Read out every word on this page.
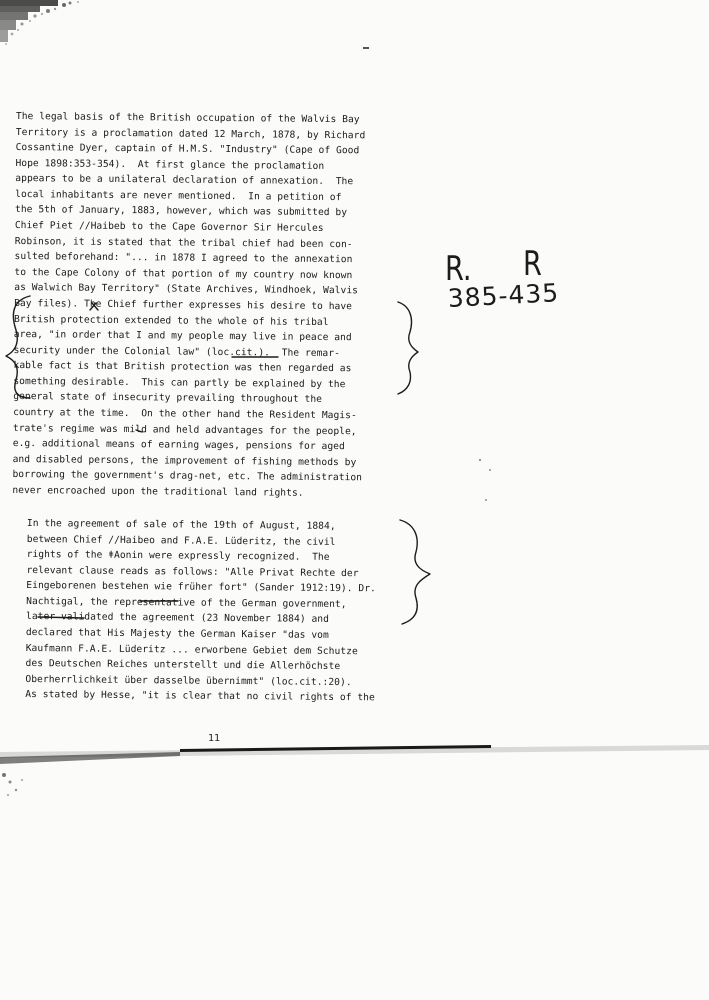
The legal basis of the British occupation of the Walvis Bay
Territory is a proclamation dated 12 March, 1878, by Richard
Cossantine Dyer, captain of H.M.S. "Industry" (Cape of Good
Hope 1898:353-354).  At first glance the proclamation
appears to be a unilateral declaration of annexation.  The
local inhabitants are never mentioned.  In a petition of
the 5th of January, 1883, however, which was submitted by
Chief Piet //Haibeb to the Cape Governor Sir Hercules
Robinson, it is stated that the tribal chief had been con-
sulted beforehand: "... in 1878 I agreed to the annexation
to the Cape Colony of that portion of my country now known
as Walwich Bay Territory" (State Archives, Windhoek, Walvis
Bay files). The Chief further expresses his desire to have
British protection extended to the whole of his tribal
area, "in order that I and my people may live in peace and
security under the Colonial law" (loc.cit.).  The remar-
kable fact is that British protection was then regarded as
something desirable.  This can partly be explained by the
general state of insecurity prevailing throughout the
country at the time.  On the other hand the Resident Magis-
trate's regime was mild and held advantages for the people,
e.g. additional means of earning wages, pensions for aged
and disabled persons, the improvement of fishing methods by
borrowing the government's drag-net, etc. The administration
never encroached upon the traditional land rights.
In the agreement of sale of the 19th of August, 1884,
between Chief //Haibeo and F.A.E. Lüderitz, the civil
rights of the ǂAonin were expressly recognized.  The
relevant clause reads as follows: "Alle Privat Rechte der
Eingeborenen bestehen wie früher fort" (Sander 1912:19). Dr.
Nachtigal, the representative of the German government,
later validated the agreement (23 November 1884) and
declared that His Majesty the German Kaiser "das vom
Kaufmann F.A.E. Lüderitz ... erworbene Gebiet dem Schutze
des Deutschen Reiches unterstellt und die Allerhöchste
Oberherrlichkeit über dasselbe übernimmt" (loc.cit.:20).
As stated by Hesse, "it is clear that no civil rights of the
11
R. R
385-435
